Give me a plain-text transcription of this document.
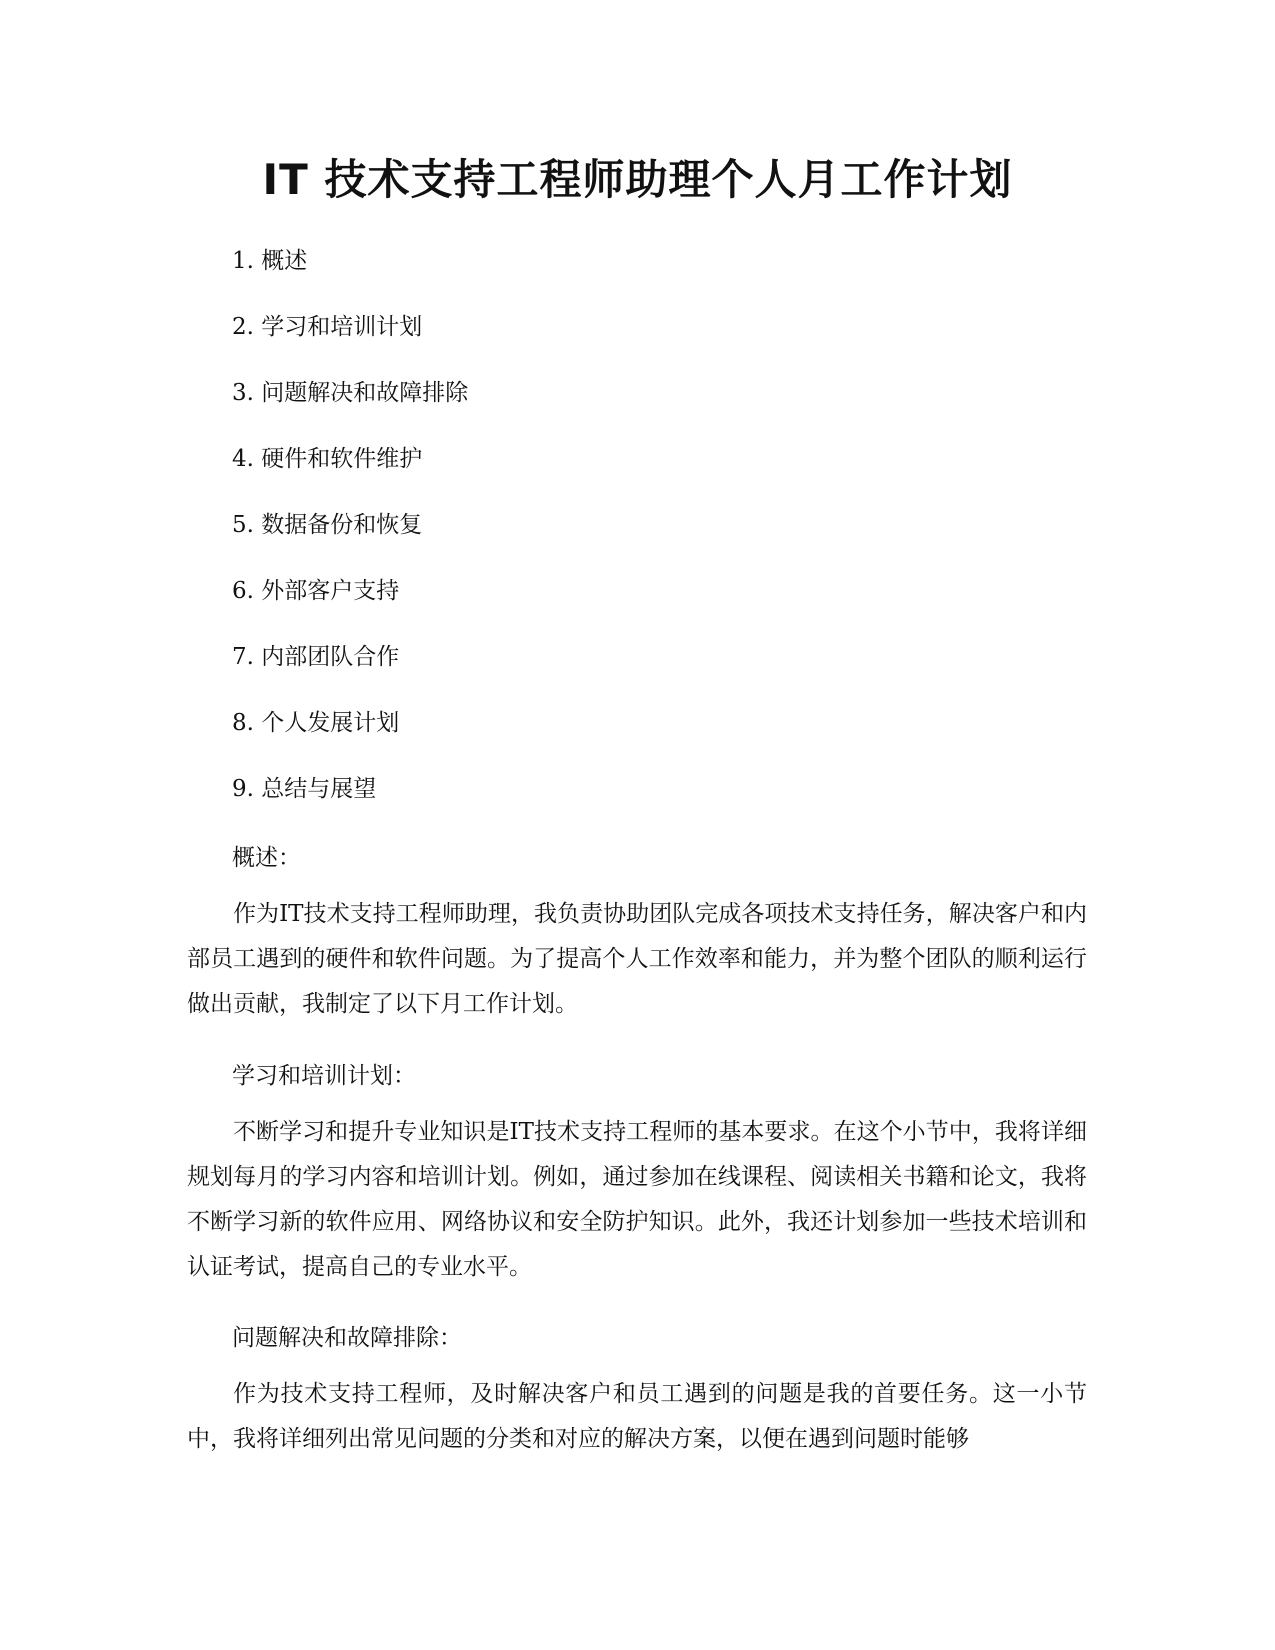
IT 技术支持工程师助理个人月工作计划
1. 概述
2. 学习和培训计划
3. 问题解决和故障排除
4. 硬件和软件维护
5. 数据备份和恢复
6. 外部客户支持
7. 内部团队合作
8. 个人发展计划
9. 总结与展望

概述：

作为IT技术支持工程师助理，我负责协助团队完成各项技术支持任务，解决客户和内部员工遇到的硬件和软件问题。为了提高个人工作效率和能力，并为整个团队的顺利运行做出贡献，我制定了以下月工作计划。

学习和培训计划：

不断学习和提升专业知识是IT技术支持工程师的基本要求。在这个小节中，我将详细规划每月的学习内容和培训计划。例如，通过参加在线课程、阅读相关书籍和论文，我将不断学习新的软件应用、网络协议和安全防护知识。此外，我还计划参加一些技术培训和认证考试，提高自己的专业水平。

问题解决和故障排除：

作为技术支持工程师，及时解决客户和员工遇到的问题是我的首要任务。这一小节中，我将详细列出常见问题的分类和对应的解决方案，以便在遇到问题时能够
